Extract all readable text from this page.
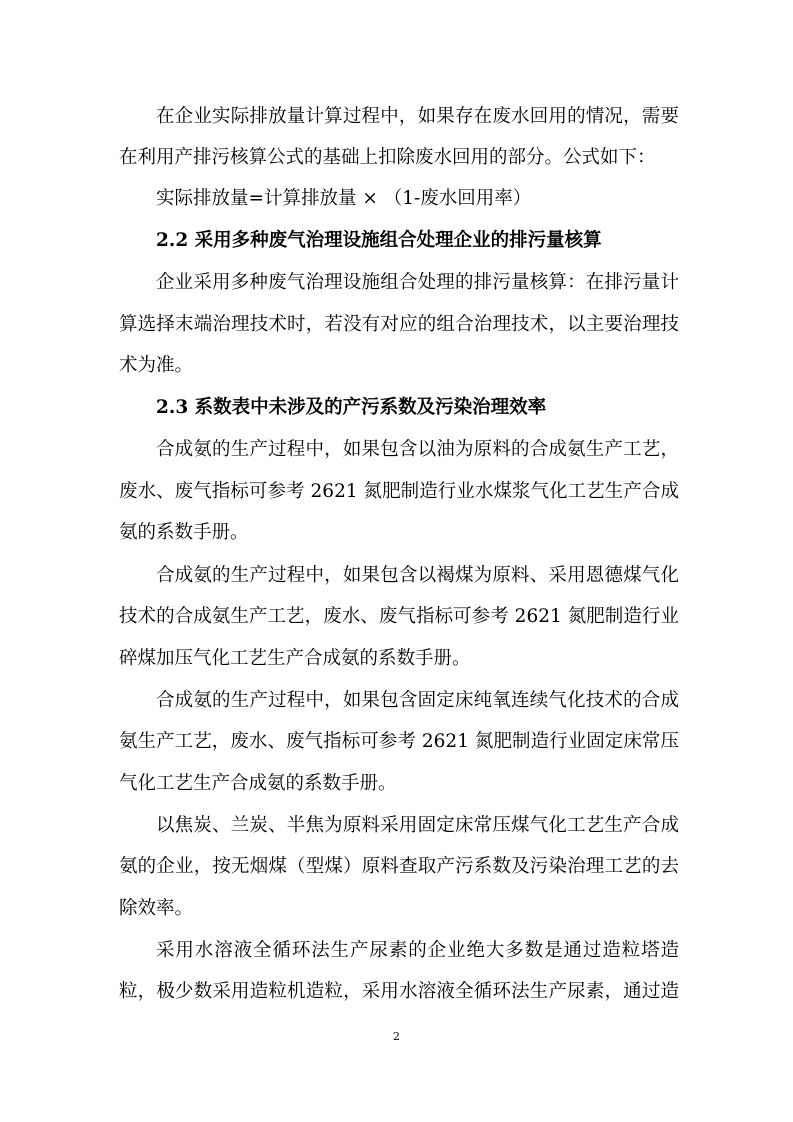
在企业实际排放量计算过程中，如果存在废水回用的情况，需要
在利用产排污核算公式的基础上扣除废水回用的部分。公式如下：
实际排放量=计算排放量 × （1-废水回用率）
2.2 采用多种废气治理设施组合处理企业的排污量核算
企业采用多种废气治理设施组合处理的排污量核算：在排污量计
算选择末端治理技术时，若没有对应的组合治理技术，以主要治理技
术为准。
2.3 系数表中未涉及的产污系数及污染治理效率
合成氨的生产过程中，如果包含以油为原料的合成氨生产工艺，
废水、废气指标可参考 2621 氮肥制造行业水煤浆气化工艺生产合成
氨的系数手册。
合成氨的生产过程中，如果包含以褐煤为原料、采用恩德煤气化
技术的合成氨生产工艺，废水、废气指标可参考 2621 氮肥制造行业
碎煤加压气化工艺生产合成氨的系数手册。
合成氨的生产过程中，如果包含固定床纯氧连续气化技术的合成
氨生产工艺，废水、废气指标可参考 2621 氮肥制造行业固定床常压
气化工艺生产合成氨的系数手册。
以焦炭、兰炭、半焦为原料采用固定床常压煤气化工艺生产合成
氨的企业，按无烟煤（型煤）原料查取产污系数及污染治理工艺的去
除效率。
采用水溶液全循环法生产尿素的企业绝大多数是通过造粒塔造
粒，极少数采用造粒机造粒，采用水溶液全循环法生产尿素，通过造
2
